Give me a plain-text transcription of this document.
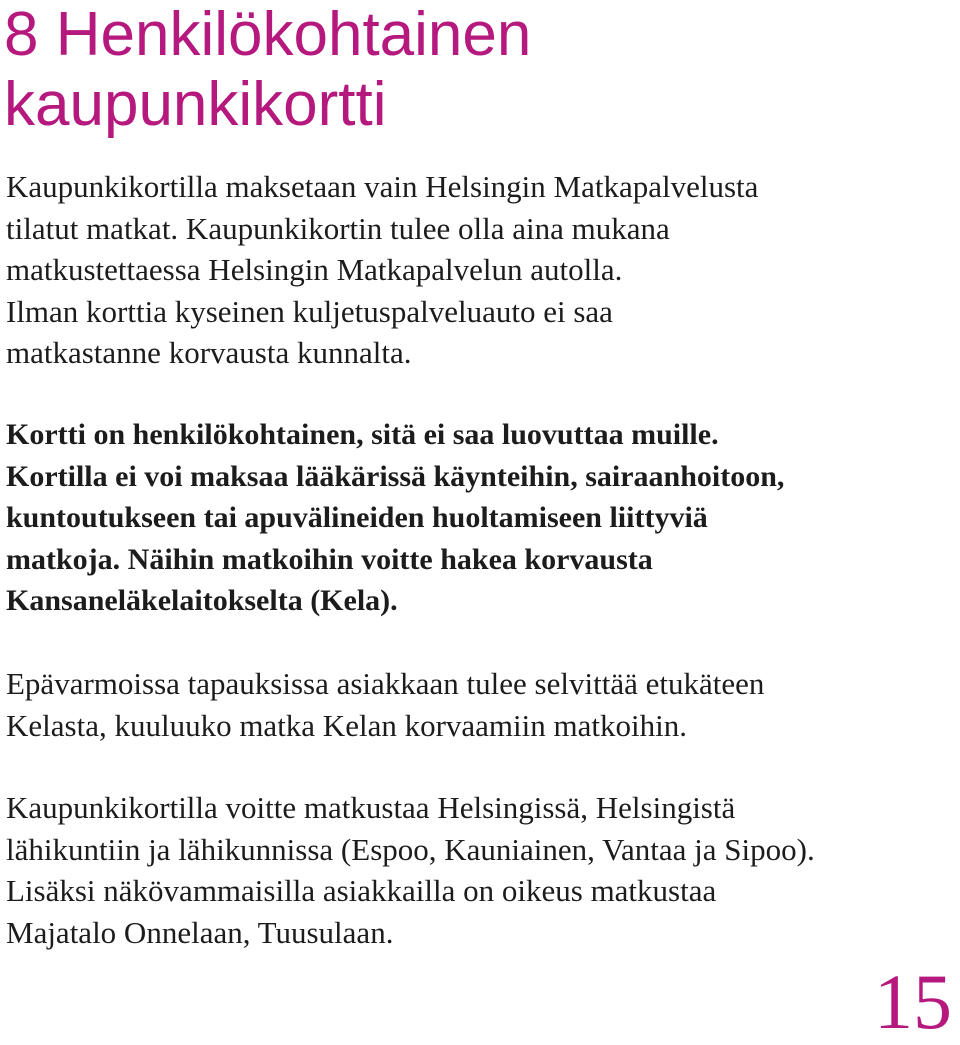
8 Henkilökohtainen
kaupunkikortti

Kaupunkikortilla maksetaan vain Helsingin Matkapalvelusta
tilatut matkat. Kaupunkikortin tulee olla aina mukana
matkustettaessa Helsingin Matkapalvelun autolla.
Ilman korttia kyseinen kuljetuspalveluauto ei saa
matkastanne korvausta kunnalta.

Kortti on henkilökohtainen, sitä ei saa luovuttaa muille.
Kortilla ei voi maksaa lääkärissä käynteihin, sairaanhoitoon,
kuntoutukseen tai apuvälineiden huoltamiseen liittyviä
matkoja. Näihin matkoihin voitte hakea korvausta
Kansaneläkelaitokselta (Kela).

Epävarmoissa tapauksissa asiakkaan tulee selvittää etukäteen
Kelasta, kuuluuko matka Kelan korvaamiin matkoihin.

Kaupunkikortilla voitte matkustaa Helsingissä, Helsingistä
lähikuntiin ja lähikunnissa (Espoo, Kauniainen, Vantaa ja Sipoo).
Lisäksi näkövammaisilla asiakkailla on oikeus matkustaa
Majatalo Onnelaan, Tuusulaan.

15
